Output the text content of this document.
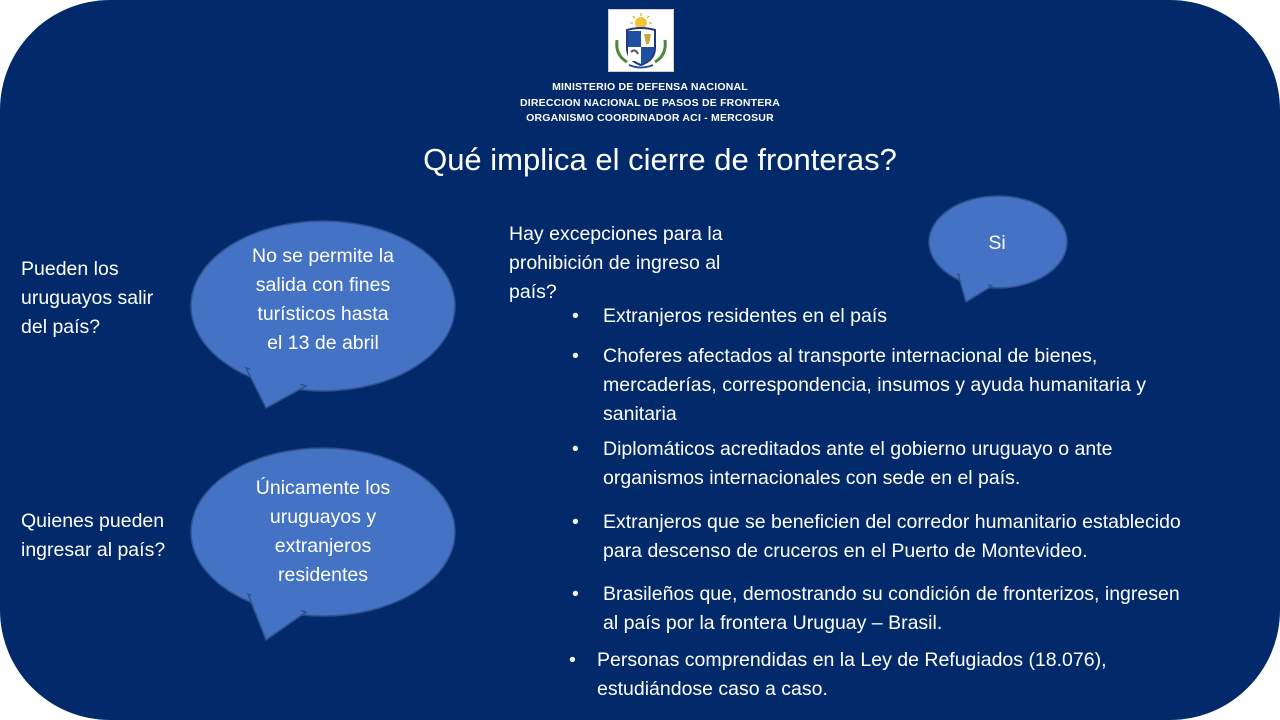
MINISTERIO DE DEFENSA NACIONAL
DIRECCION NACIONAL DE PASOS DE FRONTERA
ORGANISMO COORDINADOR ACI - MERCOSUR
Qué implica el cierre de fronteras?
Pueden los
uruguayos salir
del país?
No se permite la
salida con fines
turísticos hasta
el 13 de abril
Quienes pueden
ingresar al país?
Únicamente los
uruguayos y
extranjeros
residentes
Hay excepciones para la
prohibición de ingreso al
país?
Si
• Extranjeros residentes en el país
• Choferes afectados al transporte internacional de bienes,
mercaderías, correspondencia, insumos y ayuda humanitaria y
sanitaria
• Diplomáticos acreditados ante el gobierno uruguayo o ante
organismos internacionales con sede en el país.
• Extranjeros que se beneficien del corredor humanitario establecido
para descenso de cruceros en el Puerto de Montevideo.
• Brasileños que, demostrando su condición de fronterizos, ingresen
al país por la frontera Uruguay – Brasil.
• Personas comprendidas en la Ley de Refugiados (18.076),
estudiándose caso a caso.
